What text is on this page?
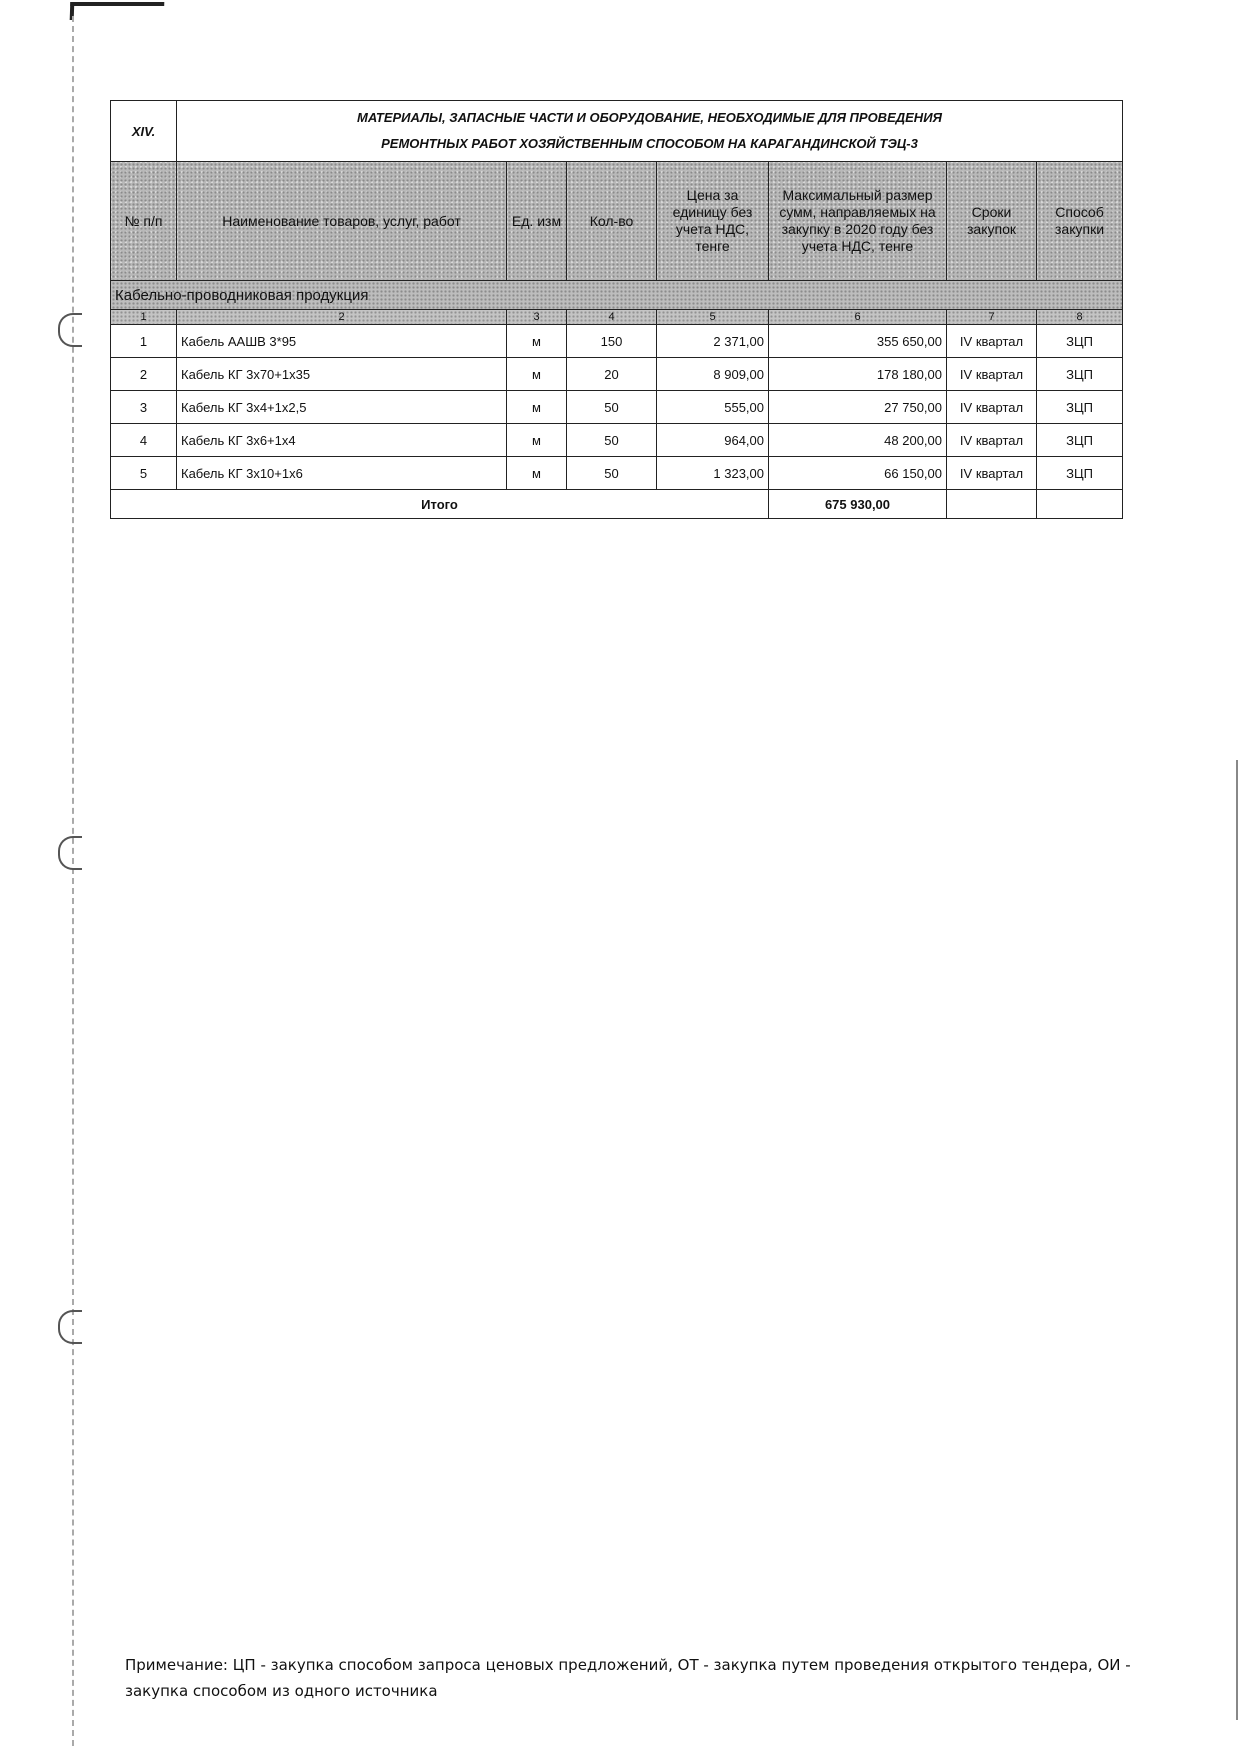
XIV.	МАТЕРИАЛЫ, ЗАПАСНЫЕ ЧАСТИ И ОБОРУДОВАНИЕ, НЕОБХОДИМЫЕ ДЛЯ ПРОВЕДЕНИЯ
РЕМОНТНЫХ РАБОТ ХОЗЯЙСТВЕННЫМ СПОСОБОМ НА КАРАГАНДИНСКОЙ ТЭЦ-3						

№ п/п	Наименование товаров, услуг, работ	Ед. изм	Кол-во	Цена за единицу без учета НДС, тенге	Максимальный размер сумм, направляемых на закупку в 2020 году без учета НДС, тенге	Сроки закупок	Способ закупки
Кабельно-проводниковая продукция							
1	2	3	4	5	6	7	8
1	Кабель ААШВ 3*95	м	150	2 371,00	355 650,00	IV квартал	ЗЦП
2	Кабель КГ 3х70+1х35	м	20	8 909,00	178 180,00	IV квартал	ЗЦП
3	Кабель КГ 3х4+1х2,5	м	50	555,00	27 750,00	IV квартал	ЗЦП
4	Кабель КГ 3х6+1х4	м	50	964,00	48 200,00	IV квартал	ЗЦП
5	Кабель КГ 3х10+1х6	м	50	1 323,00	66 150,00	IV квартал	ЗЦП
Итого					675 930,00		
Примечание: ЦП - закупка способом запроса ценовых предложений, ОТ - закупка путем проведения открытого тендера, ОИ -
закупка способом из одного источника
